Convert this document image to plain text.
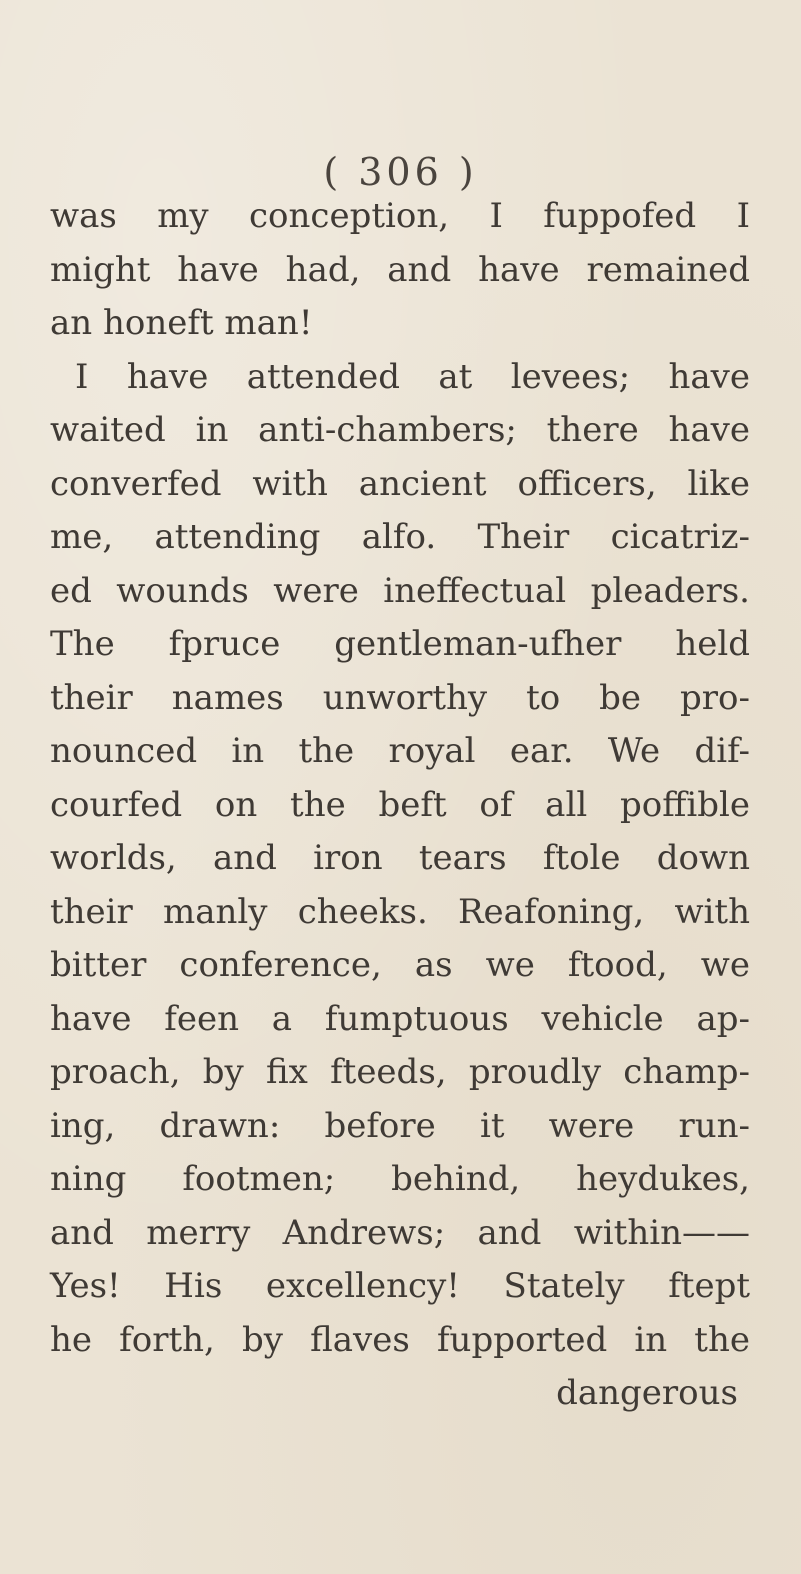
( 306 )
was my conception, I fuppofed I
might have had, and have remained
an honeft man!
I have attended at levees; have
waited in anti-chambers; there have
converfed with ancient officers, like
me, attending alfo. Their cicatriz-
ed wounds were ineffectual pleaders.
The fpruce gentleman-ufher held
their names unworthy to be pro-
nounced in the royal ear. We dif-
courfed on the beft of all poffible
worlds, and iron tears ftole down
their manly cheeks. Reafoning, with
bitter conference, as we ftood, we
have feen a fumptuous vehicle ap-
proach, by fix fteeds, proudly champ-
ing, drawn: before it were run-
ning footmen; behind, heydukes,
and merry Andrews; and within——
Yes! His excellency! Stately ftept
he forth, by flaves fupported in the
dangerous
